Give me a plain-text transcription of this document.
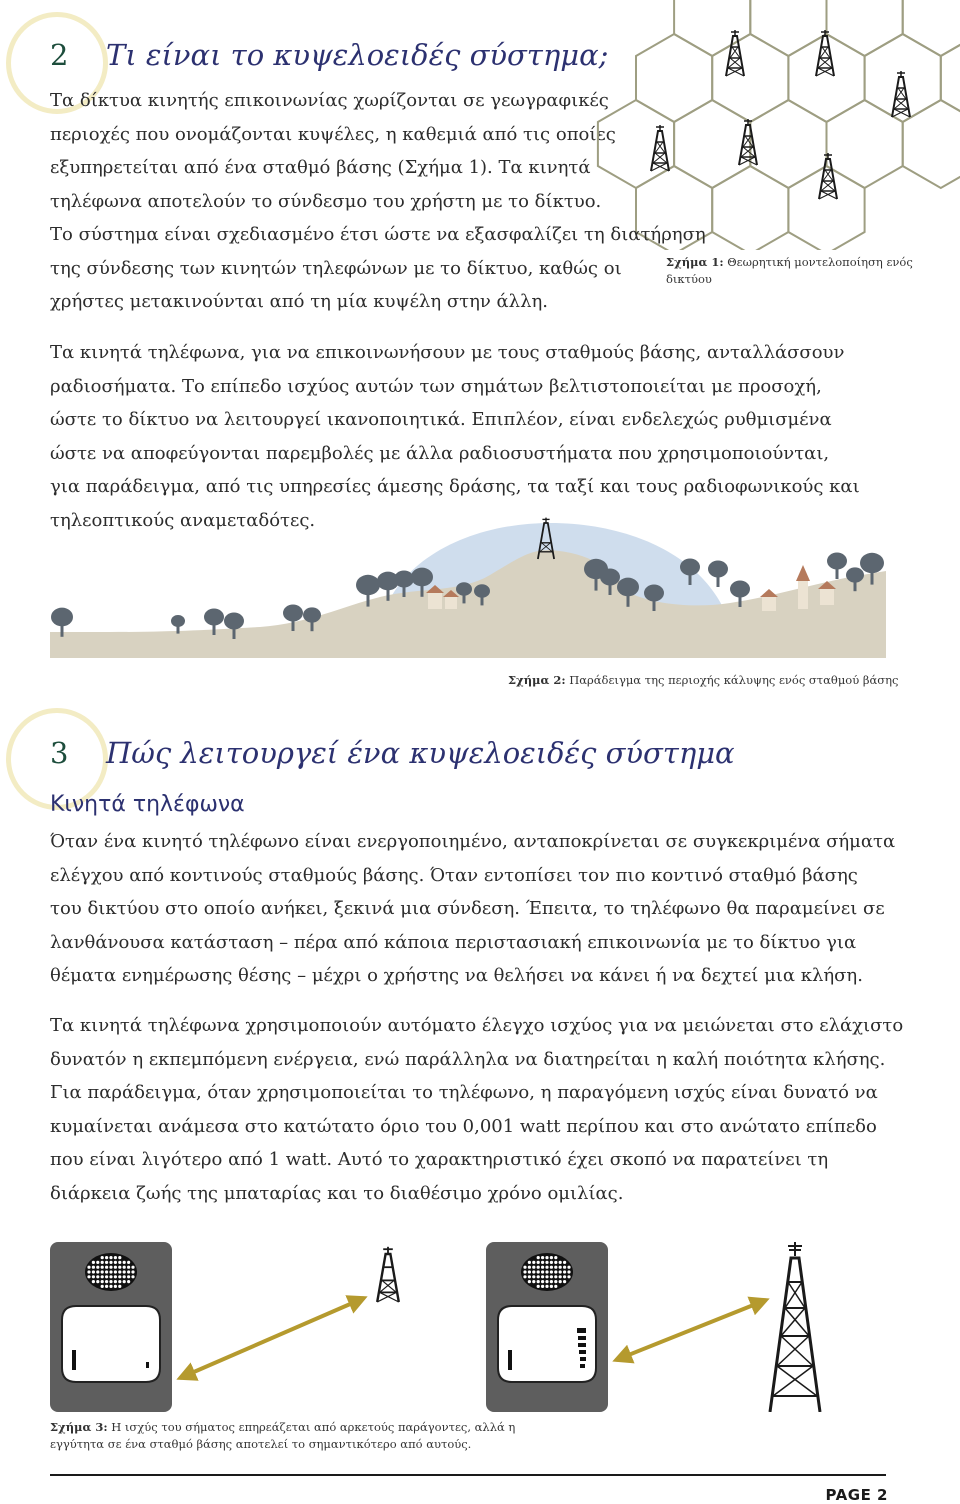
2 Τι είναι το κυψελοειδές σύστημα;

Τα δίκτυα κινητής επικοινωνίας χωρίζονται σε γεωγραφικές

περιοχές που ονομάζονται κυψέλες, η καθεμιά από τις οποίες

εξυπηρετείται από ένα σταθμό βάσης (Σχήμα 1). Τα κινητά

τηλέφωνα αποτελούν το σύνδεσμο του χρήστη με το δίκτυο.

Το σύστημα είναι σχεδιασμένο έτσι ώστε να εξασφαλίζει τη διατήρηση

της σύνδεσης των κινητών τηλεφώνων με το δίκτυο, καθώς οι

χρήστες μετακινούνται από τη μία κυψέλη στην άλλη.

Σχήμα 1: Θεωρητική μοντελοποίηση ενός δικτύου

Τα κινητά τηλέφωνα, για να επικοινωνήσουν με τους σταθμούς βάσης, ανταλλάσσουν

ραδιοσήματα. Το επίπεδο ισχύος αυτών των σημάτων βελτιστοποιείται με προσοχή,

ώστε το δίκτυο να λειτουργεί ικανοποιητικά. Επιπλέον, είναι ενδελεχώς ρυθμισμένα

ώστε να αποφεύγονται παρεμβολές με άλλα ραδιοσυστήματα που χρησιμοποιούνται,

για παράδειγμα, από τις υπηρεσίες άμεσης δράσης, τα ταξί και τους ραδιοφωνικούς και

τηλεοπτικούς αναμεταδότες.

Σχήμα 2: Παράδειγμα της περιοχής κάλυψης ενός σταθμού βάσης
3 Πώς λειτουργεί ένα κυψελοειδές σύστημα
Κινητά τηλέφωνα

Όταν ένα κινητό τηλέφωνο είναι ενεργοποιημένο, ανταποκρίνεται σε συγκεκριμένα σήματα

ελέγχου από κοντινούς σταθμούς βάσης. Όταν εντοπίσει τον πιο κοντινό σταθμό βάσης

του δικτύου στο οποίο ανήκει, ξεκινά μια σύνδεση. Έπειτα, το τηλέφωνο θα παραμείνει σε

λανθάνουσα κατάσταση – πέρα από κάποια περιστασιακή επικοινωνία με το δίκτυο για

θέματα ενημέρωσης θέσης – μέχρι ο χρήστης να θελήσει να κάνει ή να δεχτεί μια κλήση.

Τα κινητά τηλέφωνα χρησιμοποιούν αυτόματο έλεγχο ισχύος για να μειώνεται στο ελάχιστο

δυνατόν η εκπεμπόμενη ενέργεια, ενώ παράλληλα να διατηρείται η καλή ποιότητα κλήσης.

Για παράδειγμα, όταν χρησιμοποιείται το τηλέφωνο, η παραγόμενη ισχύς είναι δυνατό να

κυμαίνεται ανάμεσα στο κατώτατο όριο του 0,001 watt περίπου και στο ανώτατο επίπεδο

που είναι λιγότερο από 1 watt. Αυτό το χαρακτηριστικό έχει σκοπό να παρατείνει τη

διάρκεια ζωής της μπαταρίας και το διαθέσιμο χρόνο ομιλίας.

Σχήμα 3: Η ισχύς του σήματος επηρεάζεται από αρκετούς παράγοντες, αλλά η
εγγύτητα σε ένα σταθμό βάσης αποτελεί το σημαντικότερο από αυτούς.
PAGE 2
